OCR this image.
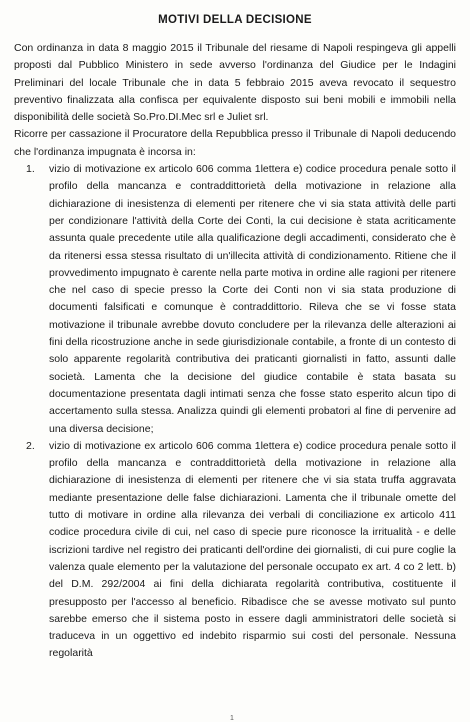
MOTIVI DELLA DECISIONE

Con ordinanza in data 8 maggio 2015 il Tribunale del riesame di Napoli respingeva gli appelli proposti dal Pubblico Ministero in sede avverso l'ordinanza del Giudice per le Indagini Preliminari del locale Tribunale che in data 5 febbraio 2015 aveva revocato il sequestro preventivo finalizzata alla confisca per equivalente disposto sui beni mobili e immobili nella disponibilità delle società So.Pro.DI.Mec srl e Juliet srl.

Ricorre per cassazione il Procuratore della Repubblica presso il Tribunale di Napoli deducendo che l'ordinanza impugnata è incorsa in:

1. vizio di motivazione ex articolo 606 comma 1lettera e) codice procedura penale sotto il profilo della mancanza e contraddittorietà della motivazione in relazione alla dichiarazione di inesistenza di elementi per ritenere che vi sia stata attività delle parti per condizionare l'attività della Corte dei Conti, la cui decisione è stata acriticamente assunta quale precedente utile alla qualificazione degli accadimenti, considerato che è da ritenersi essa stessa risultato di un'illecita attività di condizionamento. Ritiene che il provvedimento impugnato è carente nella parte motiva in ordine alle ragioni per ritenere che nel caso di specie presso la Corte dei Conti non vi sia stata produzione di documenti falsificati e comunque è contraddittorio. Rileva che se vi fosse stata motivazione il tribunale avrebbe dovuto concludere per la rilevanza delle alterazioni ai fini della ricostruzione anche in sede giurisdizionale contabile, a fronte di un contesto di solo apparente regolarità contributiva dei praticanti giornalisti in fatto, assunti dalle società. Lamenta che la decisione del giudice contabile è stata basata su documentazione presentata dagli intimati senza che fosse stato esperito alcun tipo di accertamento sulla stessa. Analizza quindi gli elementi probatori al fine di pervenire ad una diversa decisione;
2. vizio di motivazione ex articolo 606 comma 1lettera e) codice procedura penale sotto il profilo della mancanza e contraddittorietà della motivazione in relazione alla dichiarazione di inesistenza di elementi per ritenere che vi sia stata truffa aggravata mediante presentazione delle false dichiarazioni. Lamenta che il tribunale omette del tutto di motivare in ordine alla rilevanza dei verbali di conciliazione ex articolo 411 codice procedura civile di cui, nel caso di specie pure riconosce la irritualità - e delle iscrizioni tardive nel registro dei praticanti dell'ordine dei giornalisti, di cui pure coglie la valenza quale elemento per la valutazione del personale occupato ex art. 4 co 2 lett. b) del D.M. 292/2004 ai fini della dichiarata regolarità contributiva, costituente il presupposto per l'accesso al beneficio. Ribadisce che se avesse motivato sul punto sarebbe emerso che il sistema posto in essere dagli amministratori delle società si traduceva in un oggettivo ed indebito risparmio sui costi del personale. Nessuna regolarità
1
